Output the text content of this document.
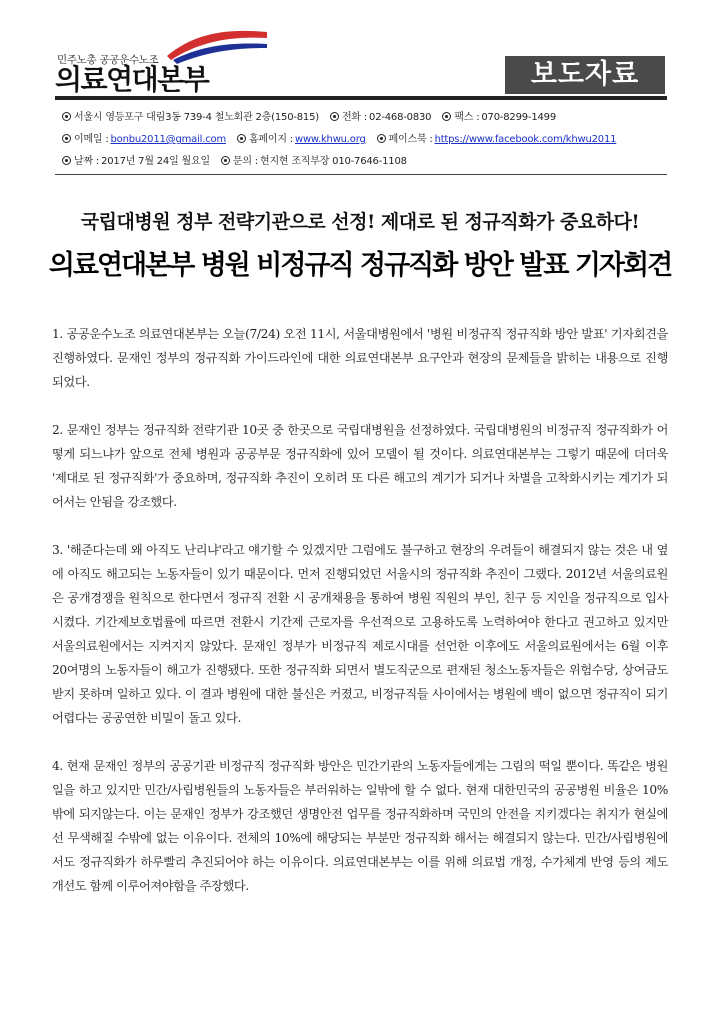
민주노총 공공운수노조
의료연대본부	보도자료
서울시 영등포구 대림3동 739-4 철노회관 2층(150-815) 전화 : 02-468-0830 팩스 : 070-8299-1499
이메일 : bonbu2011@gmail.com 홈페이지 : www.khwu.org 페이스북 : https://www.facebook.com/khwu2011
날짜 : 2017년 7월 24일 월요일 문의 : 현지현 조직부장 010-7646-1108
국립대병원 정부 전략기관으로 선정! 제대로 된 정규직화가 중요하다!
의료연대본부 병원 비정규직 정규직화 방안 발표 기자회견

1. 공공운수노조 의료연대본부는 오늘(7/24) 오전 11시, 서울대병원에서 '병원 비정규직 정규직화 방안 발표' 기자회견을 진행하였다. 문재인 정부의 정규직화 가이드라인에 대한 의료연대본부 요구안과 현장의 문제들을 밝히는 내용으로 진행되었다.

2. 문재인 정부는 정규직화 전략기관 10곳 중 한곳으로 국립대병원을 선정하였다. 국립대병원의 비정규직 정규직화가 어떻게 되느냐가 앞으로 전체 병원과 공공부문 정규직화에 있어 모델이 될 것이다. 의료연대본부는 그렇기 때문에 더더욱 '제대로 된 정규직화'가 중요하며, 정규직화 추진이 오히려 또 다른 해고의 계기가 되거나 차별을 고착화시키는 계기가 되어서는 안됨을 강조했다.

3. '해준다는데 왜 아직도 난리냐'라고 얘기할 수 있겠지만 그럼에도 불구하고 현장의 우려들이 해결되지 않는 것은 내 옆에 아직도 해고되는 노동자들이 있기 때문이다. 먼저 진행되었던 서울시의 정규직화 추진이 그랬다. 2012년 서울의료원은 공개경쟁을 원칙으로 한다면서 정규직 전환 시 공개채용을 통하여 병원 직원의 부인, 친구 등 지인을 정규직으로 입사시켰다. 기간제보호법률에 따르면 전환시 기간제 근로자를 우선적으로 고용하도록 노력하여야 한다고 권고하고 있지만 서울의료원에서는 지켜지지 않았다. 문재인 정부가 비정규직 제로시대를 선언한 이후에도 서울의료원에서는 6월 이후 20여명의 노동자들이 해고가 진행됐다. 또한 정규직화 되면서 별도직군으로 편재된 청소노동자들은 위험수당, 상여금도 받지 못하며 일하고 있다. 이 결과 병원에 대한 불신은 커졌고, 비정규직들 사이에서는 병원에 백이 없으면 정규직이 되기 어렵다는 공공연한 비밀이 돌고 있다.

4. 현재 문재인 정부의 공공기관 비정규직 정규직화 방안은 민간기관의 노동자들에게는 그림의 떡일 뿐이다. 똑같은 병원 일을 하고 있지만 민간/사립병원들의 노동자들은 부러워하는 일밖에 할 수 없다. 현재 대한민국의 공공병원 비율은 10%밖에 되지않는다. 이는 문재인 정부가 강조했던 생명안전 업무를 정규직화하며 국민의 안전을 지키겠다는 취지가 현실에선 무색해질 수밖에 없는 이유이다. 전체의 10%에 해당되는 부분만 정규직화 해서는 해결되지 않는다. 민간/사립병원에서도 정규직화가 하루빨리 추진되어야 하는 이유이다. 의료연대본부는 이를 위해 의료법 개정, 수가체계 반영 등의 제도개선도 함께 이루어져야함을 주장했다.
